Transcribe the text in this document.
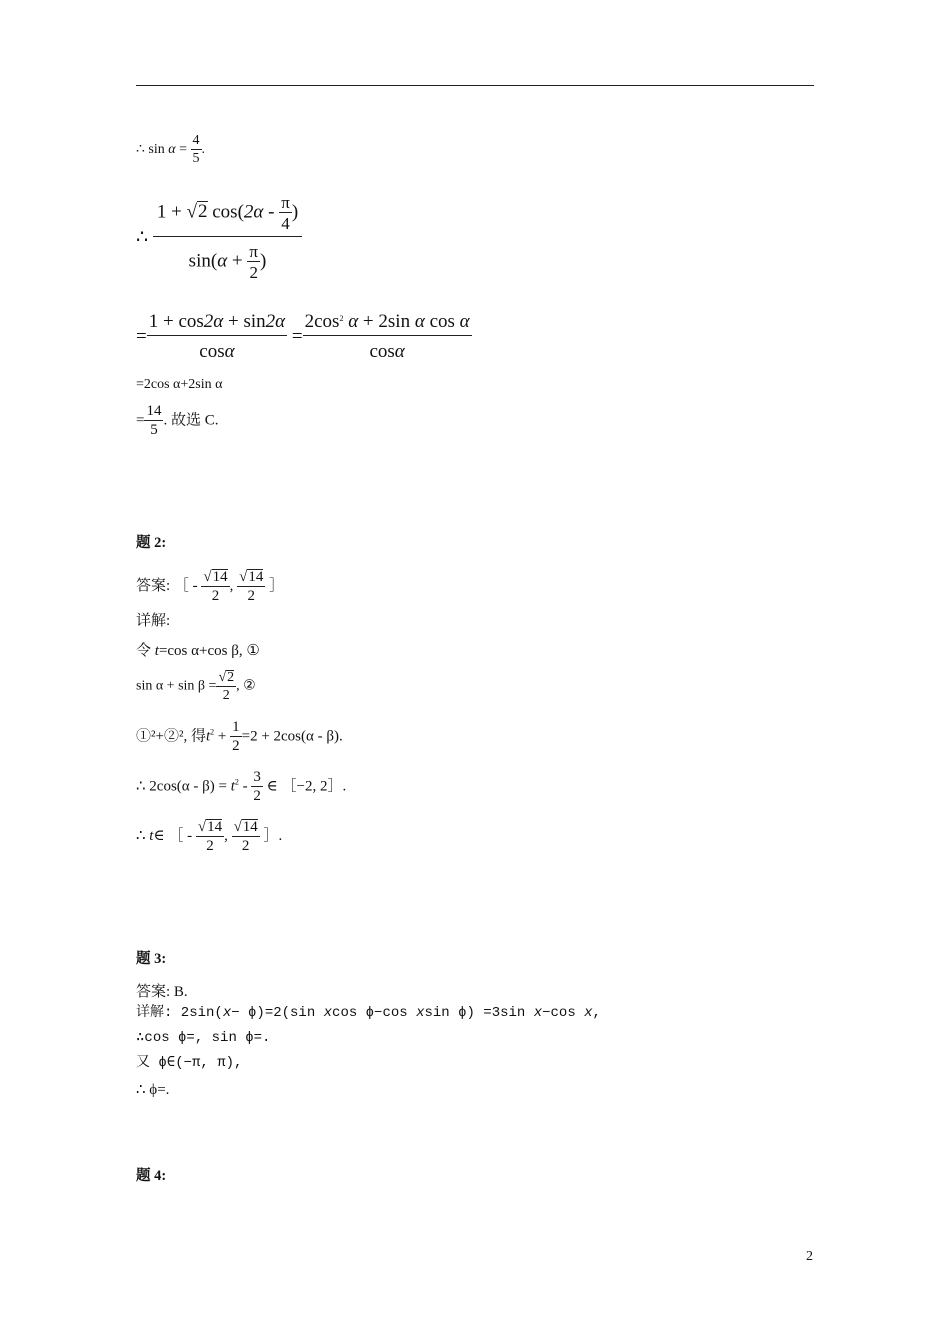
∴ $\sin \alpha = \frac{4}{5}$ .
∴ $\frac{1 + √2 \cos(2\alpha - \frac{\pi}{4} )}{\sin(\alpha + \frac{\pi}{2} )}$
= $\frac{1 + \cos 2\alpha + \sin 2\alpha}{\cos\alpha} = \frac{2\cos^2 \alpha + 2\sin \alpha \cos \alpha}{\cos\alpha}$
=2cos α+2sin α
= $\frac{14}{5}$ . 故选 C.
题 2:
答案: ［ - $\frac{√14}{2}$ , $\frac{√14}{2}$ ］
详解:
令 t=cos α+cos β, ①
$\sin \alpha + \sin \beta = \frac{√2}{2}$ , ②
①²+②², 得$t^2 + \frac{1}{2} =2 + 2\cos(\alpha - \beta)$.
∴ $2\cos(\alpha - \beta) = t^2 - \frac{3}{2}$ ∈ ［−2, 2］.
∴ t∈ ［ - $\frac{√14}{2}$ , $\frac{√14}{2}$ ］.
题 3:
答案: B.
详解: 2sin(x− ϕ)=2(sin xcos ϕ−cos xsin ϕ) =3sin x−cos x,
∴cos ϕ=, sin ϕ=.
又 ϕ∈(−π, π),
∴ ϕ=.
题 4:
2
